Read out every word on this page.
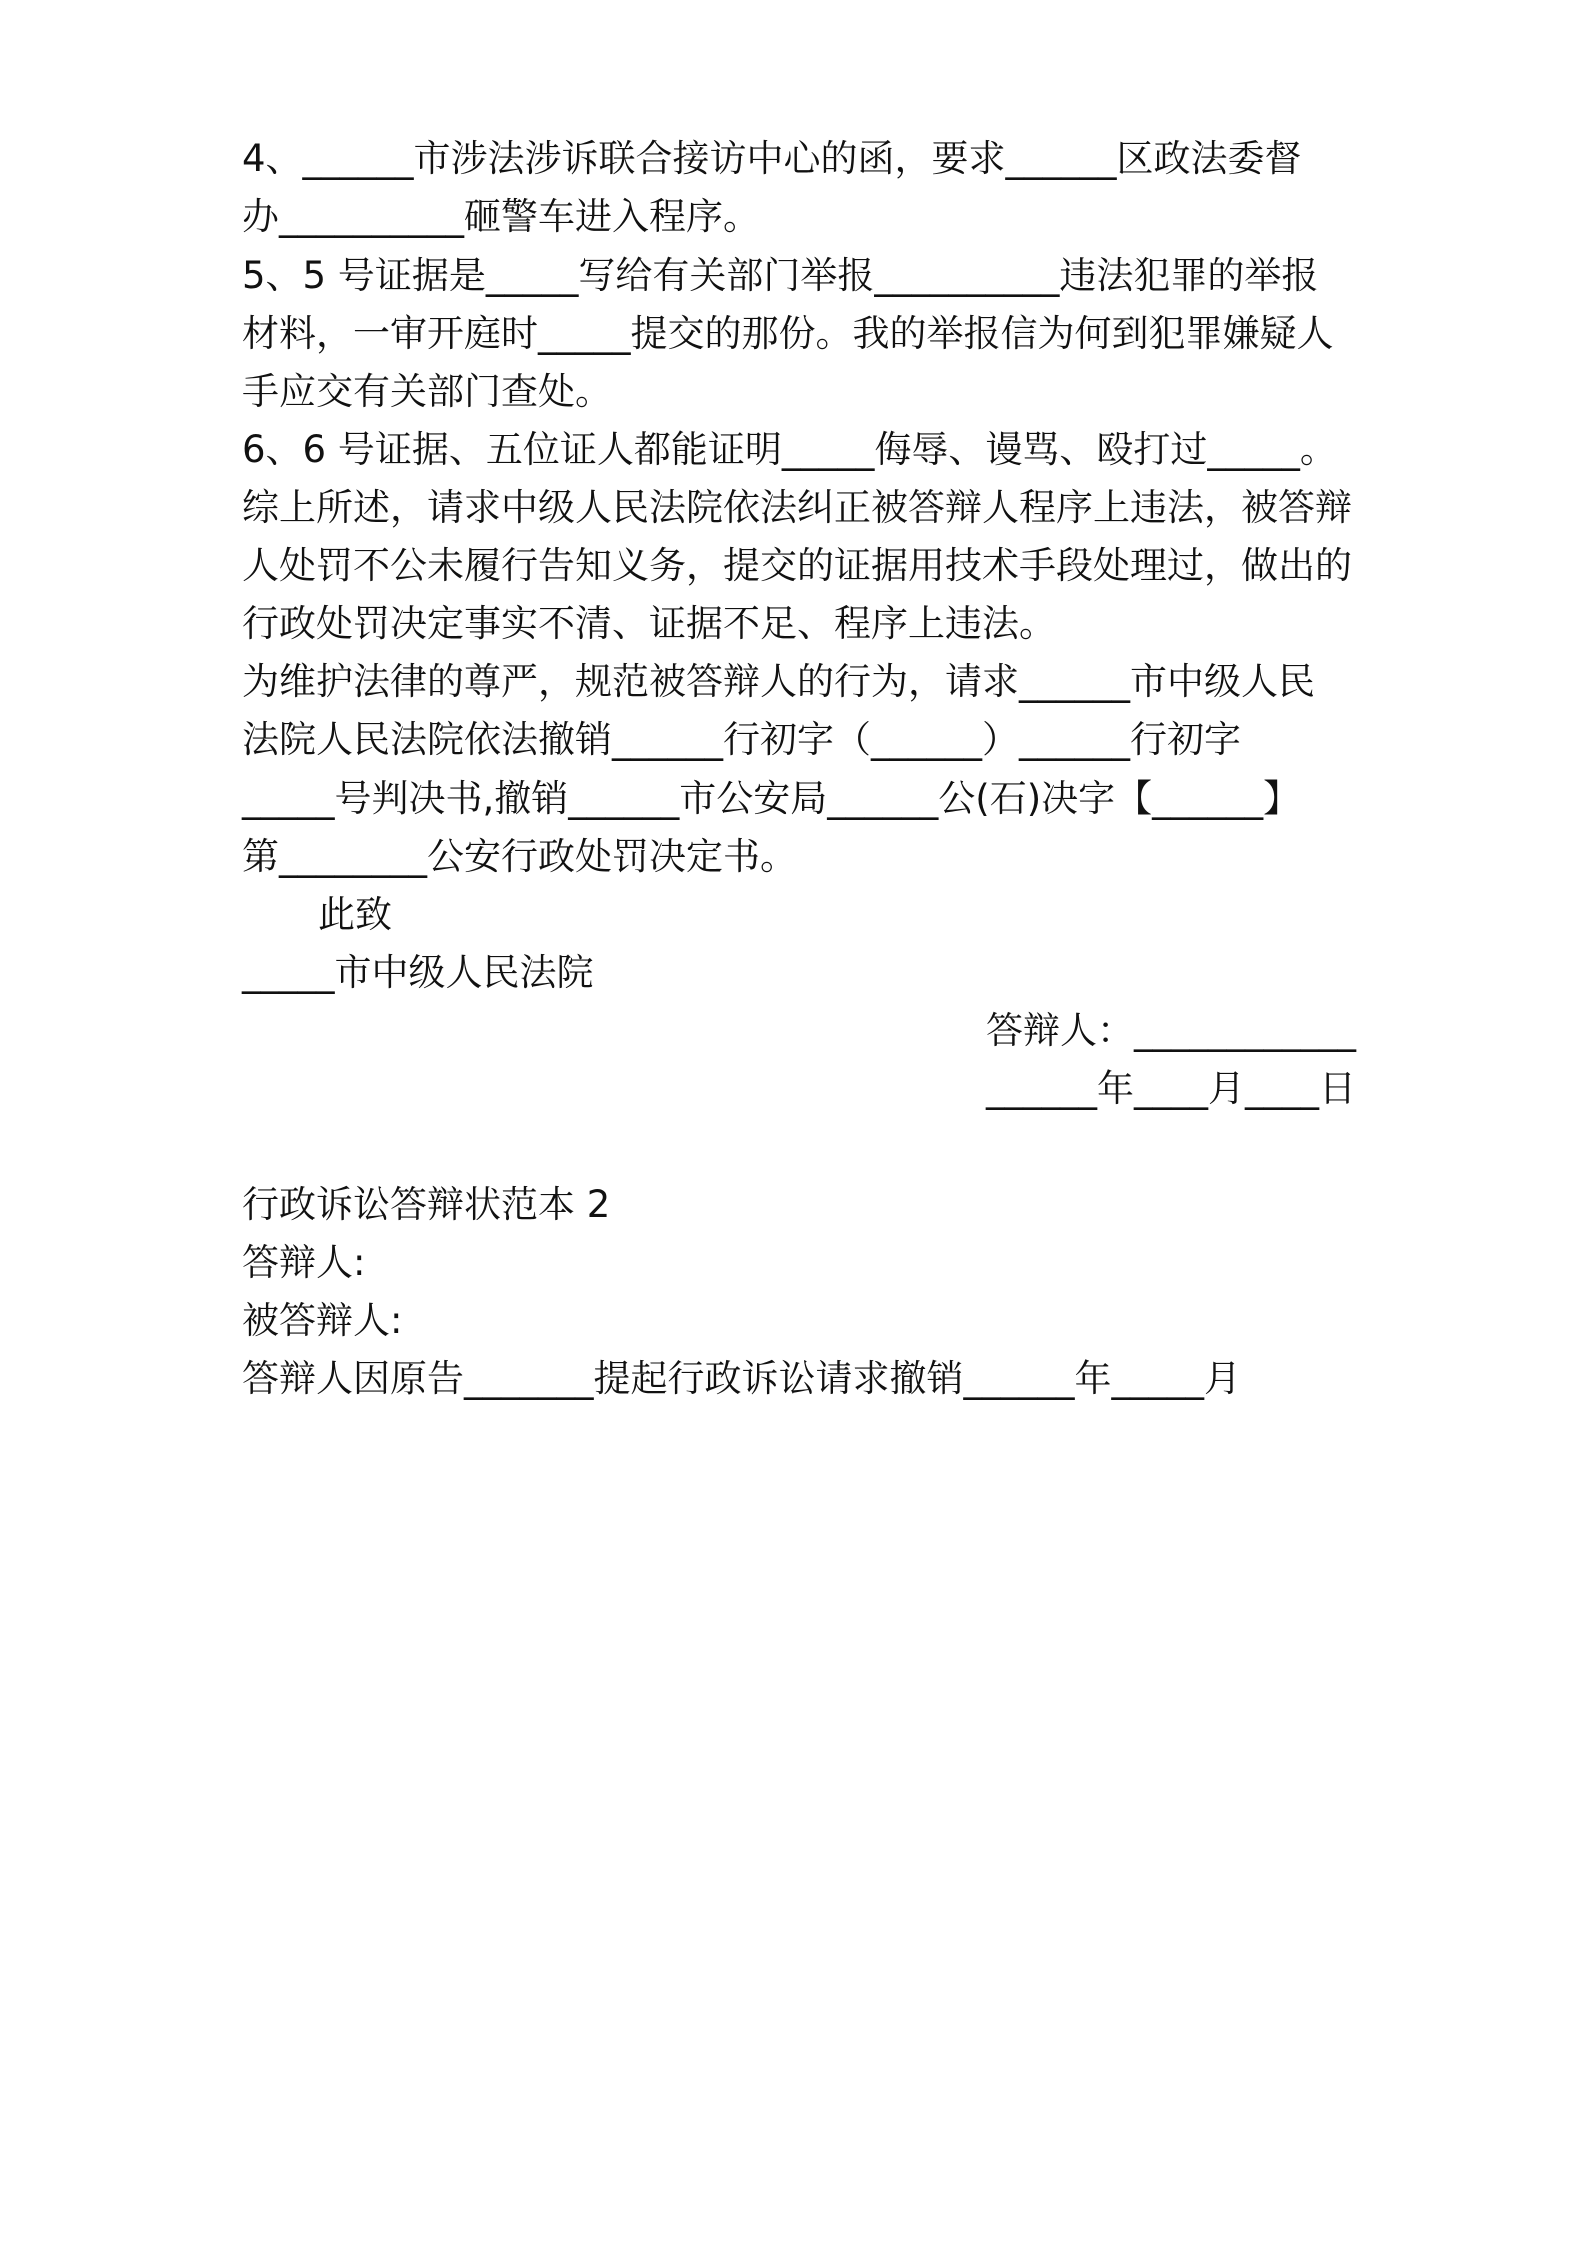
4、______市涉法涉诉联合接访中心的函，要求______区政法委督
办__________砸警车进入程序。
5、5 号证据是_____写给有关部门举报__________违法犯罪的举报
材料，一审开庭时_____提交的那份。我的举报信为何到犯罪嫌疑人
手应交有关部门查处。
6、6 号证据、五位证人都能证明_____侮辱、谩骂、殴打过_____。
综上所述，请求中级人民法院依法纠正被答辩人程序上违法，被答辩
人处罚不公未履行告知义务，提交的证据用技术手段处理过，做出的
行政处罚决定事实不清、证据不足、程序上违法。
为维护法律的尊严，规范被答辩人的行为，请求______市中级人民
法院人民法院依法撤销______行初字（______）______行初字
_____号判决书,撤销______市公安局______公(石)决字【______】
第________公安行政处罚决定书。
此致
_____市中级人民法院
答辩人：____________
______年____月____日
行政诉讼答辩状范本 2
答辩人:
被答辩人:
答辩人因原告_______提起行政诉讼请求撤销______年_____月
